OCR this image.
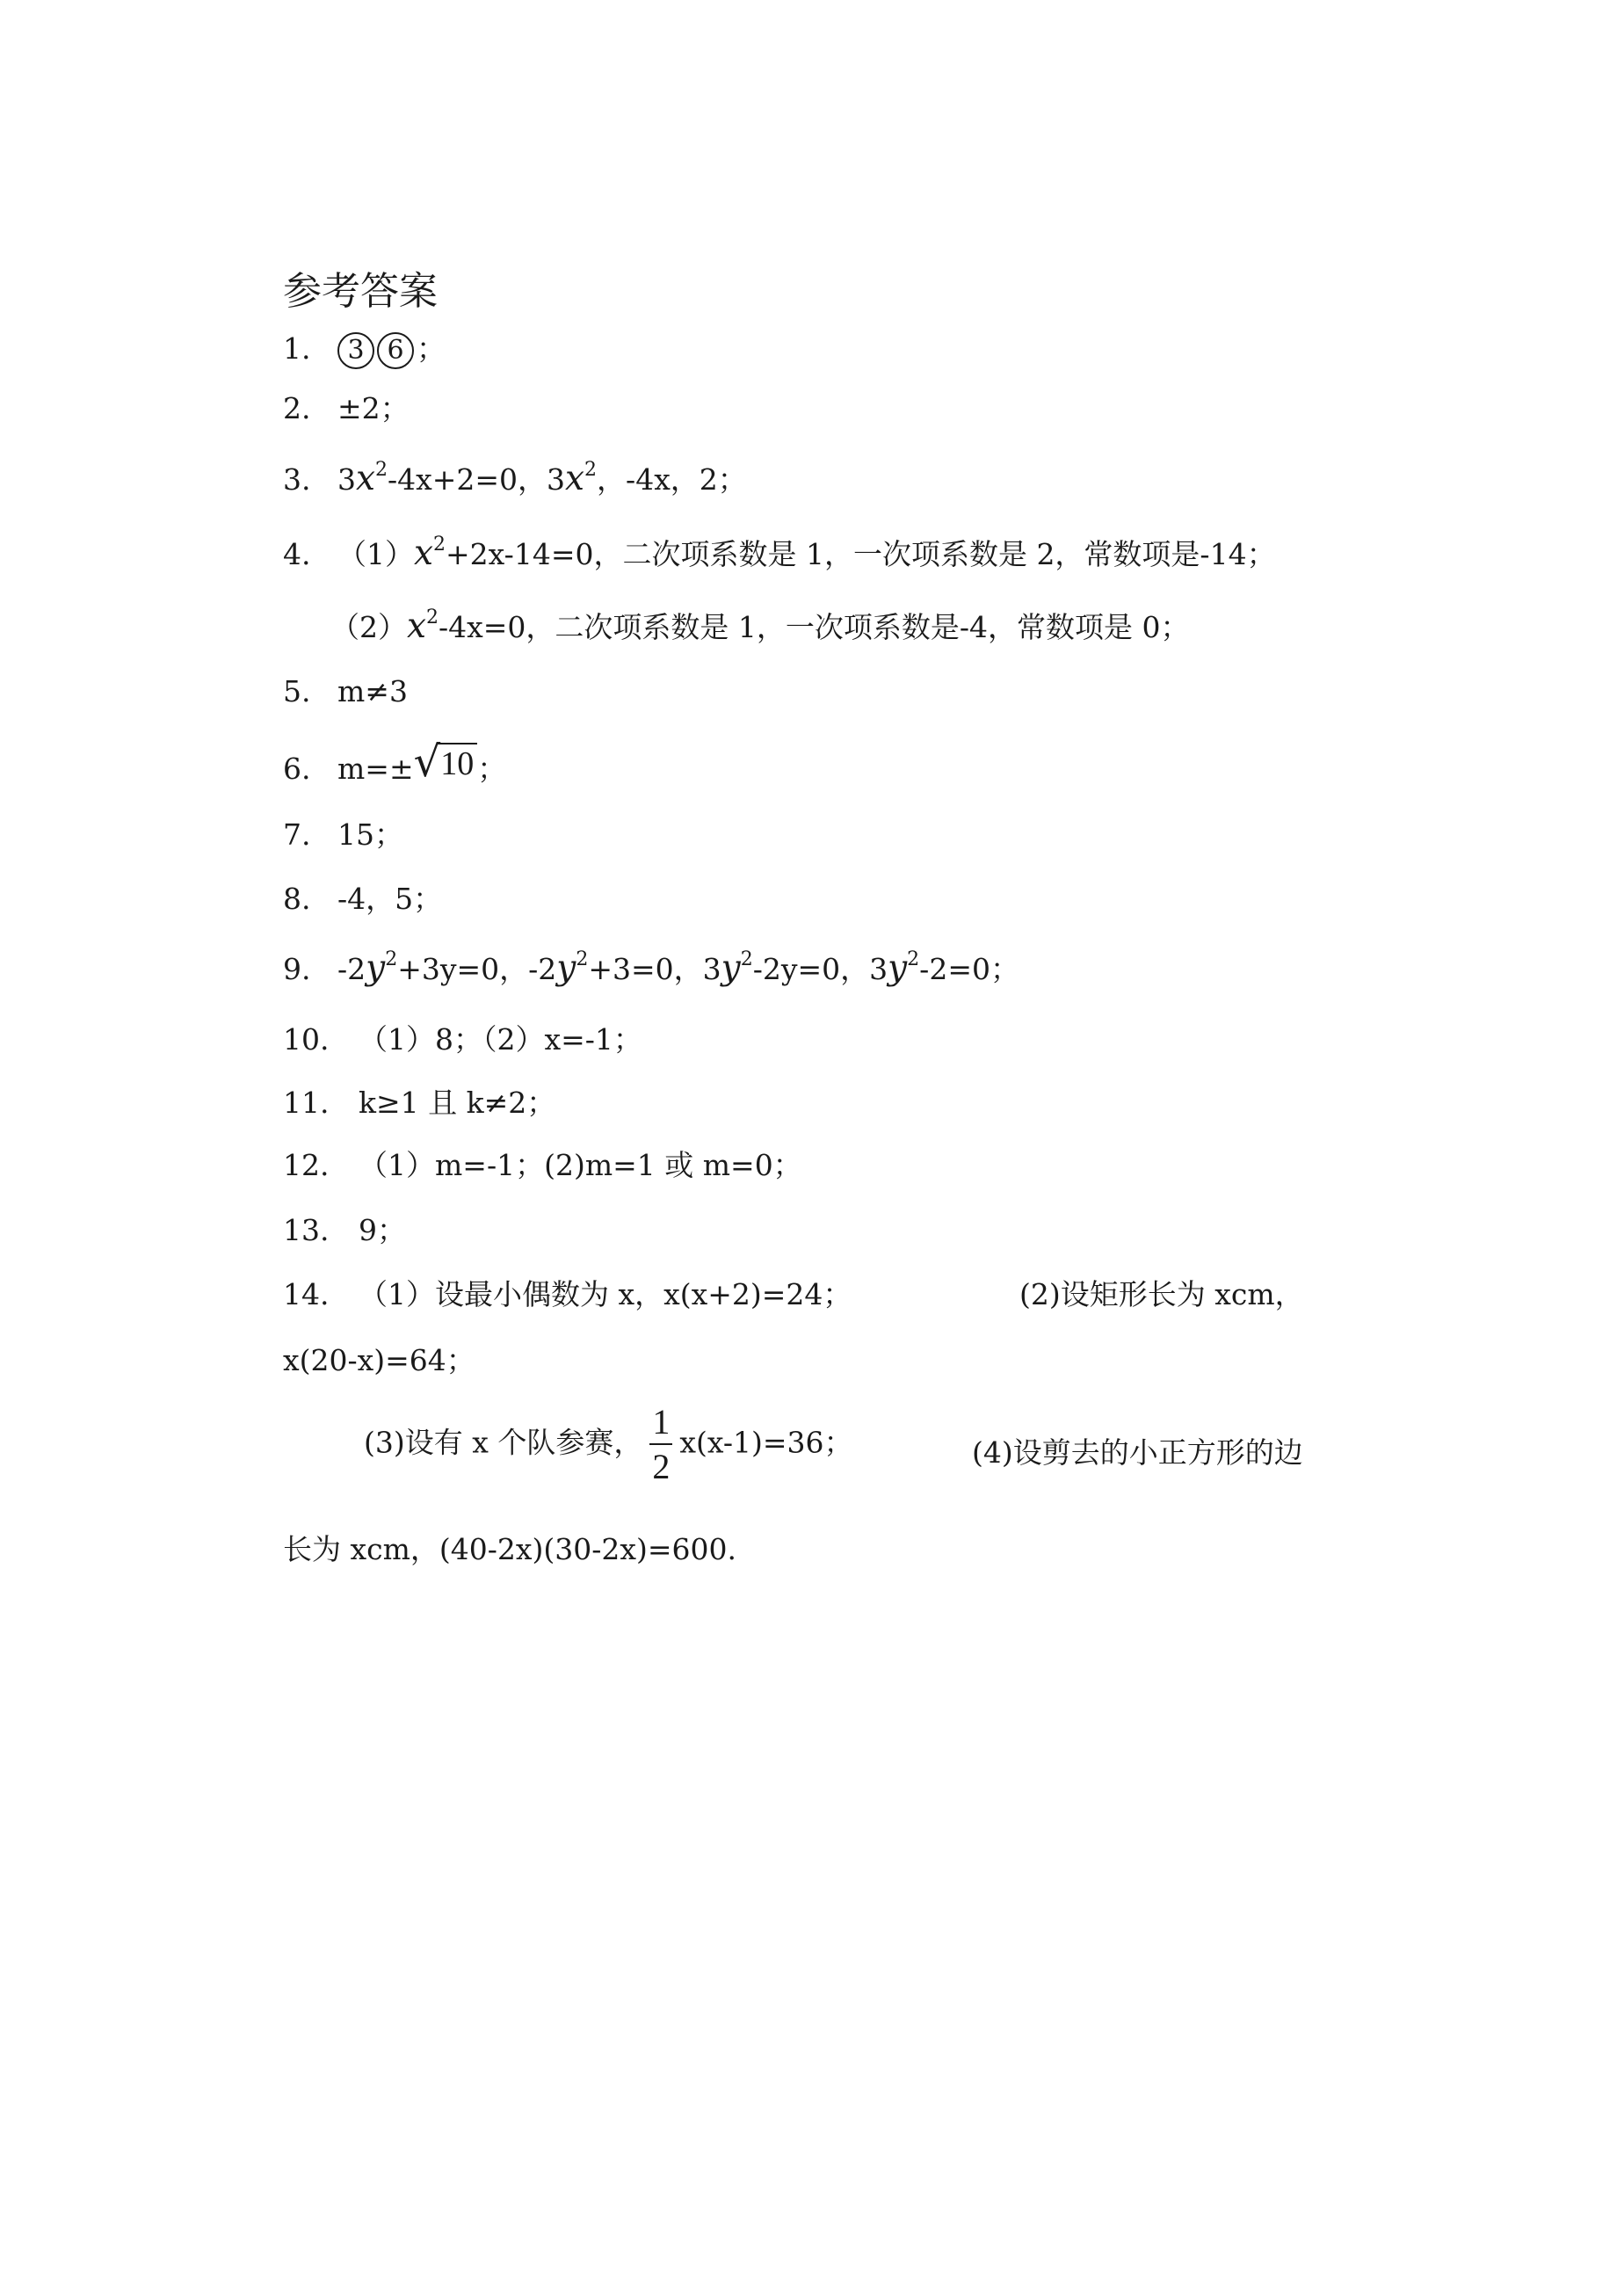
参考答案
1. 3 6 ；
2. ±2；
3. $3x^2-4x+2=0$，$3x^2$，-4x，2；
4. $(1)x^2+2x-14=0$，二次项系数是 1，一次项系数是 2，常数项是-14；
$(2)x^2-4x=0$，二次项系数是 1，一次项系数是-4，常数项是 0；
5. m≠3
6. m=± √ 10 ；
7. 15；
8. -4，5；
9. $-2y^2+3y=0$，$-2y^2+3=0$，$3y^2-2y=0$，$3y^2-2=0$；
10. （1）8；（2）x=-1；
11. k≥1 且 k≠2；
12. （1）m=-1；(2)m=1 或 m=0；
13. 9；
14. （1）设最小偶数为 x，x(x+2)=24；	(2)设矩形长为 xcm，
x(20-x)=64；
(3)设有 x 个队参赛， $\frac{1}{2} x(x-1)=36$；	(4)设剪去的小正方形的边
长为 xcm，(40-2x)(30-2x)=600.
